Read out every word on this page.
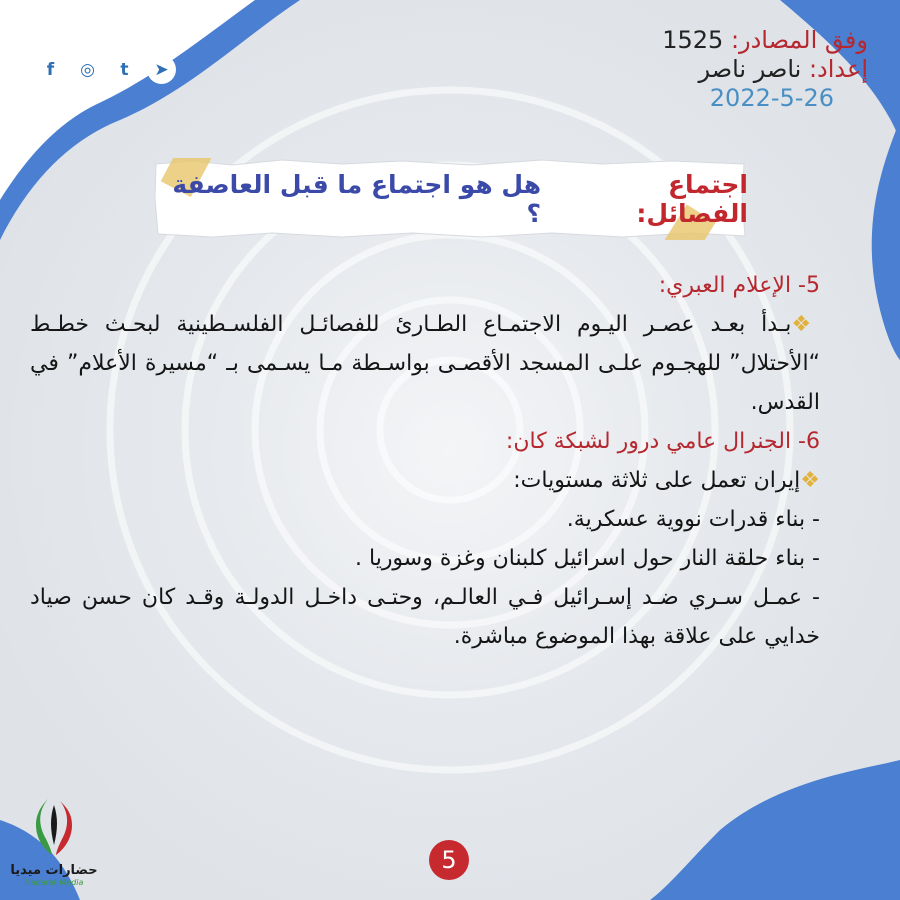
وفق المصادر: 1525
إعداد: ناصر ناصر
2022-5-26
f	◎	t	➤
اجتماع الفصائل:
هل هو اجتماع ما قبل العاصفة ؟

5- الإعلام العبري:

❖بـدأ بعـد عصـر اليـوم الاجتمـاع الطـارئ للفصائـل الفلسـطينية لبحـث خطـط “الأحتلال” للهجـوم علـى المسجد الأقصـى بواسـطة مـا يسـمى بـ “مسيرة الأعلام” في القدس.

6- الجنرال عامي درور لشبكة كان:

❖إيران تعمل على ثلاثة مستويات:

- بناء قدرات نووية عسكرية.

- بناء حلقة النار حول اسرائيل كلبنان وغزة وسوريا .

- عمـل سـري ضـد إسـرائيل فـي العالـم، وحتـى داخـل الدولـة وقـد كان حسن صياد خدايي على علاقة بهذا الموضوع مباشرة.

حضارات ميديا
Hadarat Media
5
